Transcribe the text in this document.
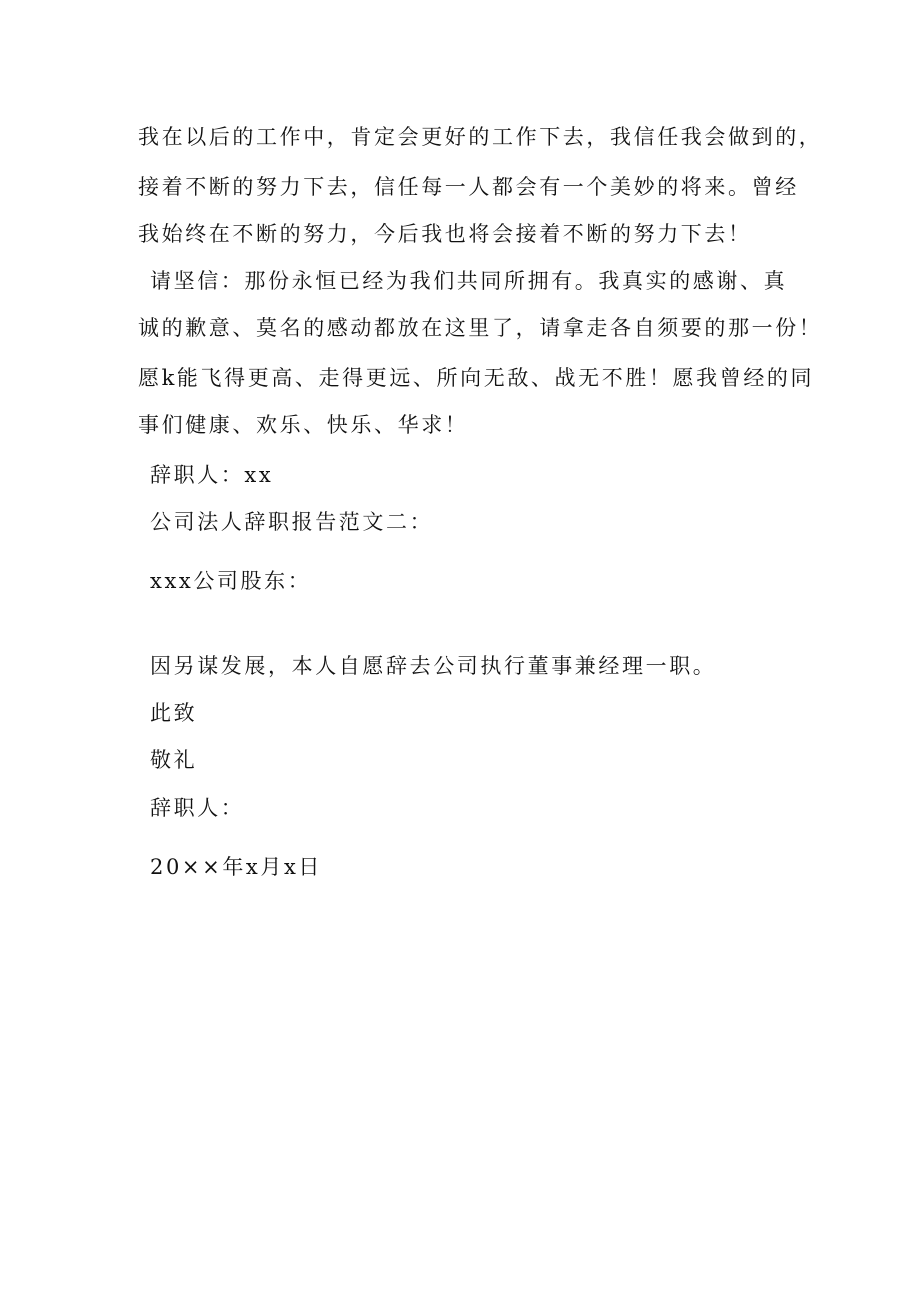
我在以后的工作中，肯定会更好的工作下去，我信任我会做到的，
接着不断的努力下去，信任每一人都会有一个美妙的将来。曾经
我始终在不断的努力，今后我也将会接着不断的努力下去！
请坚信：那份永恒已经为我们共同所拥有。我真实的感谢、真
诚的歉意、莫名的感动都放在这里了，请拿走各自须要的那一份！
愿k能飞得更高、走得更远、所向无敌、战无不胜！愿我曾经的同
事们健康、欢乐、快乐、华求！
辞职人：xx
公司法人辞职报告范文二：
xxx公司股东：
因另谋发展，本人自愿辞去公司执行董事兼经理一职。
此致
敬礼
辞职人：
20××年x月x日
